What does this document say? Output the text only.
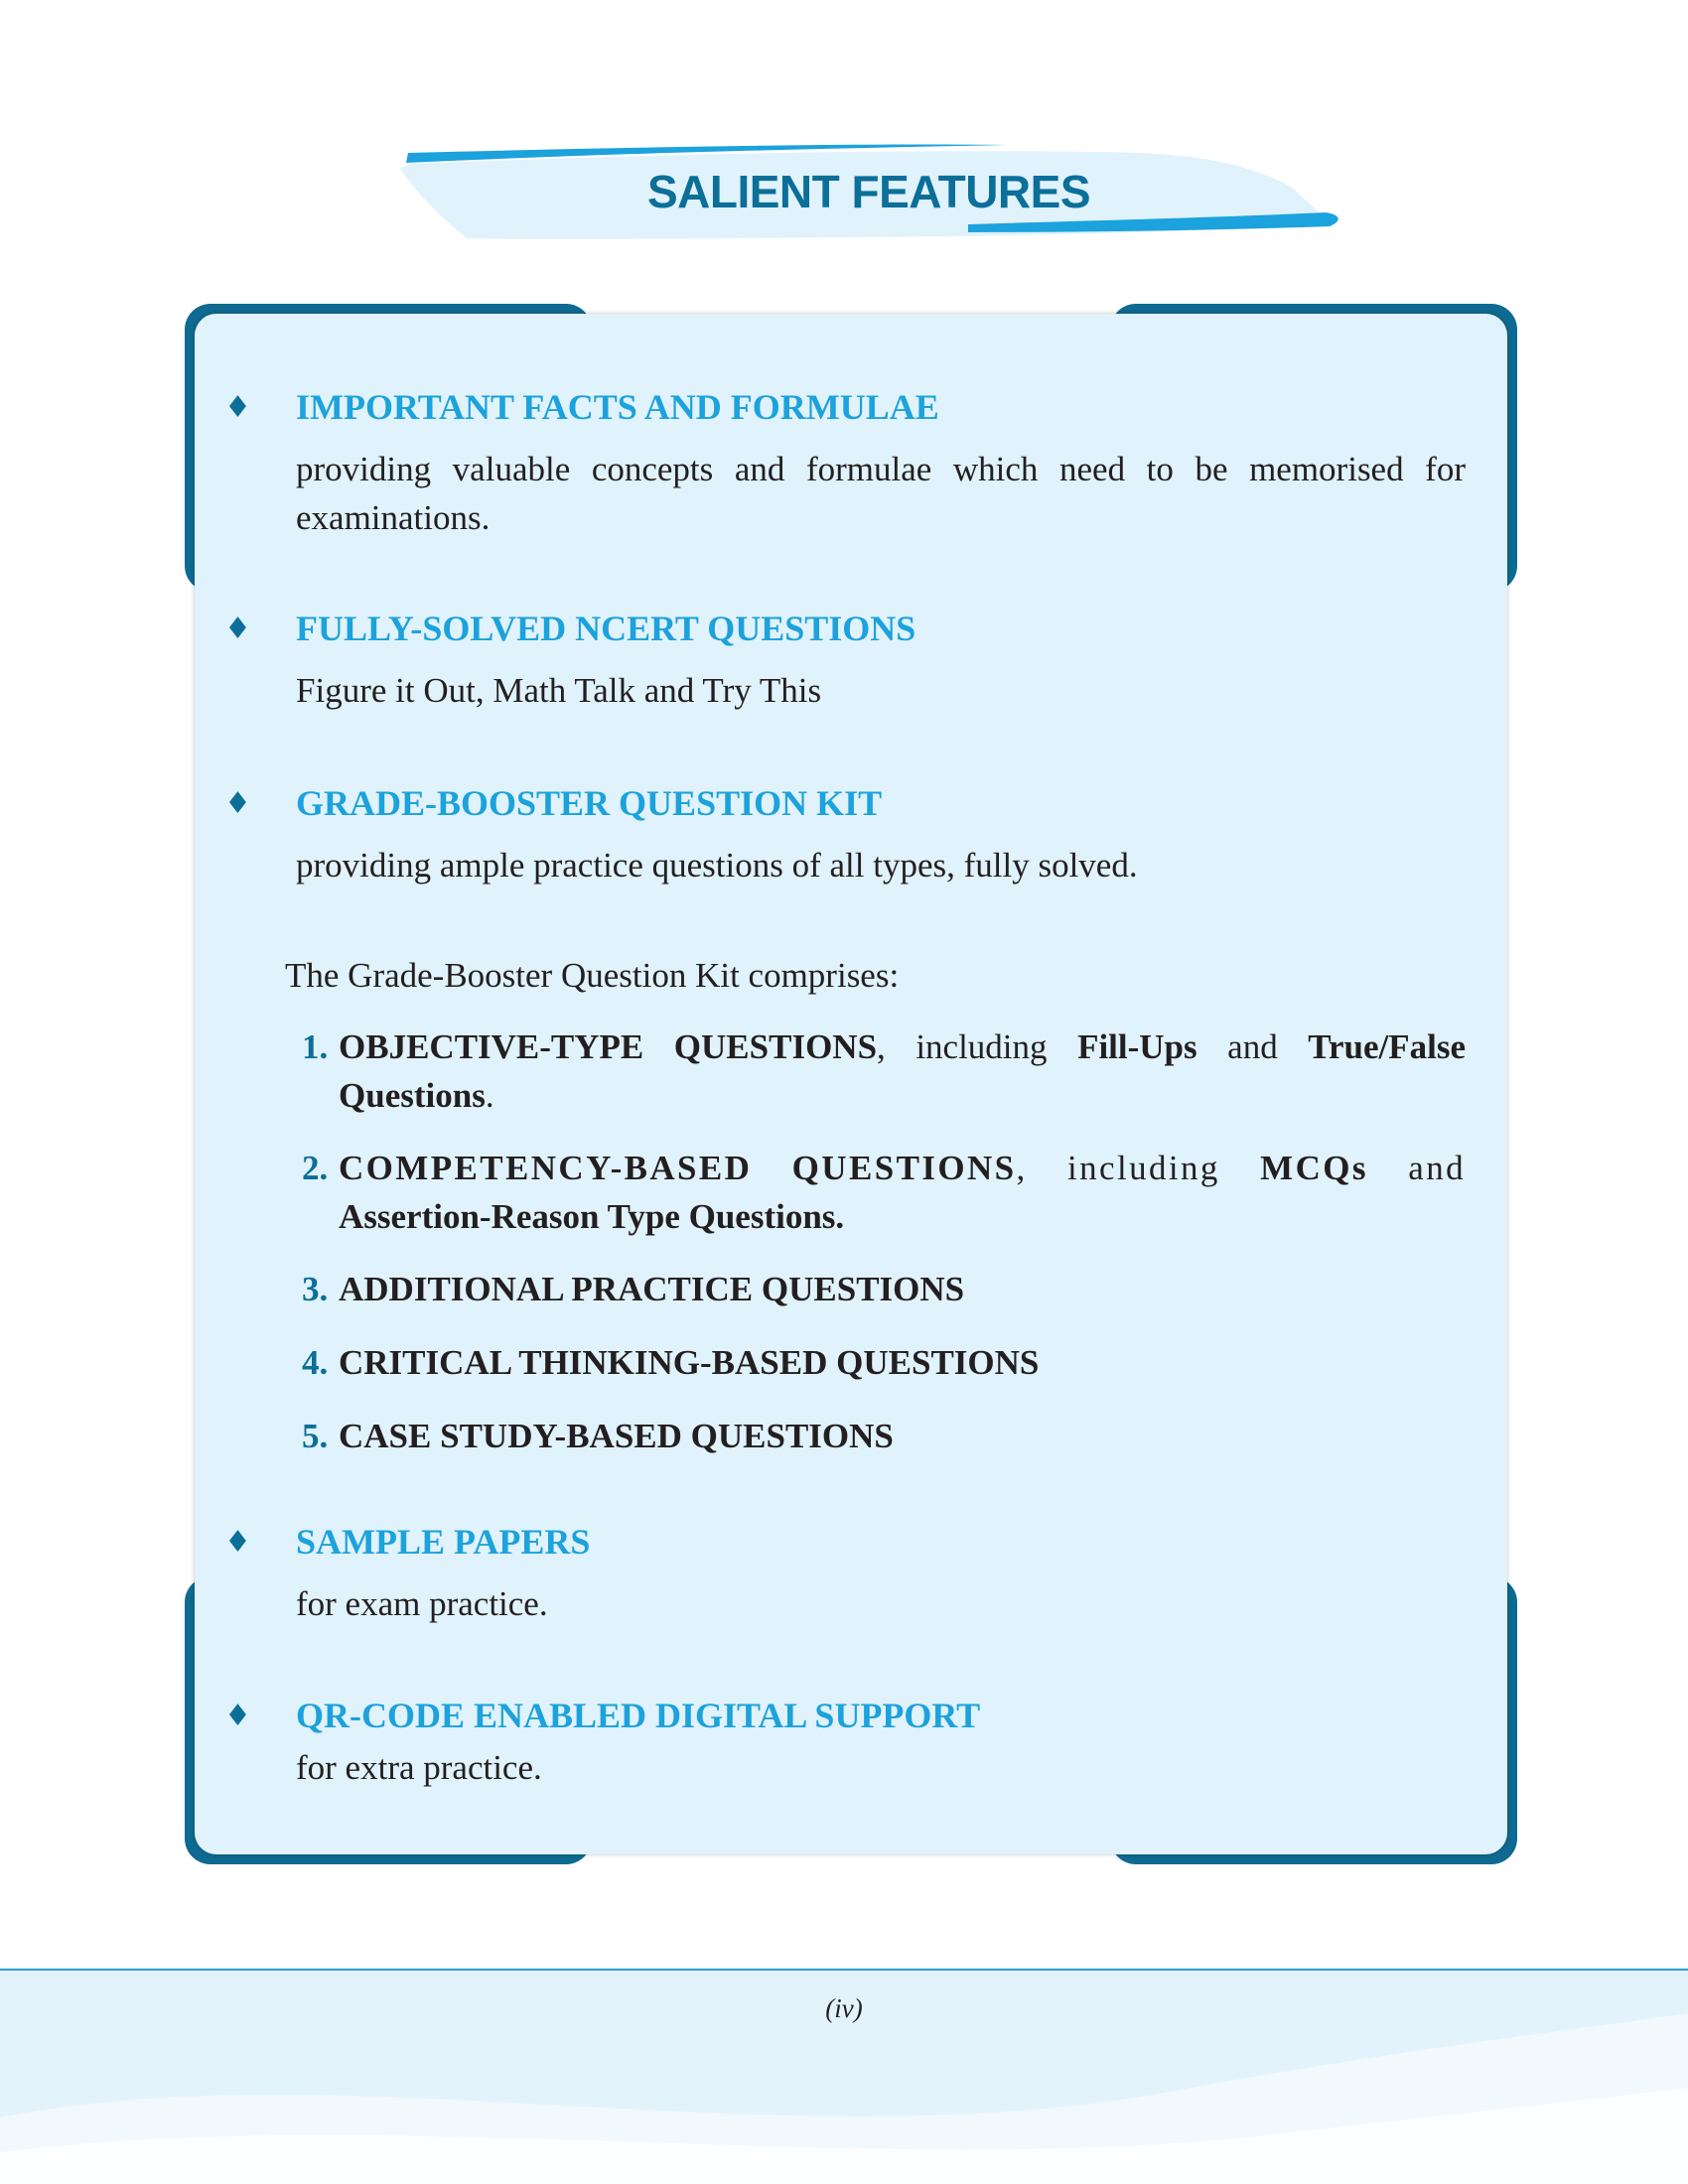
SALIENT FEATURES
♦ IMPORTANT FACTS AND FORMULAE

providing valuable concepts and formulae which need to be memorised for examinations.

♦ FULLY-SOLVED NCERT QUESTIONS

Figure it Out, Math Talk and Try This

♦ GRADE-BOOSTER QUESTION KIT

providing ample practice questions of all types, fully solved.

The Grade-Booster Question Kit comprises:

1. OBJECTIVE-TYPE QUESTIONS, including Fill-Ups and True/False Questions.
2. COMPETENCY-BASED QUESTIONS, including MCQs and Assertion-Reason Type Questions.
3. ADDITIONAL PRACTICE QUESTIONS
4. CRITICAL THINKING-BASED QUESTIONS
5. CASE STUDY-BASED QUESTIONS
♦ SAMPLE PAPERS

for exam practice.

♦ QR-CODE ENABLED DIGITAL SUPPORT

for extra practice.

(iv)
